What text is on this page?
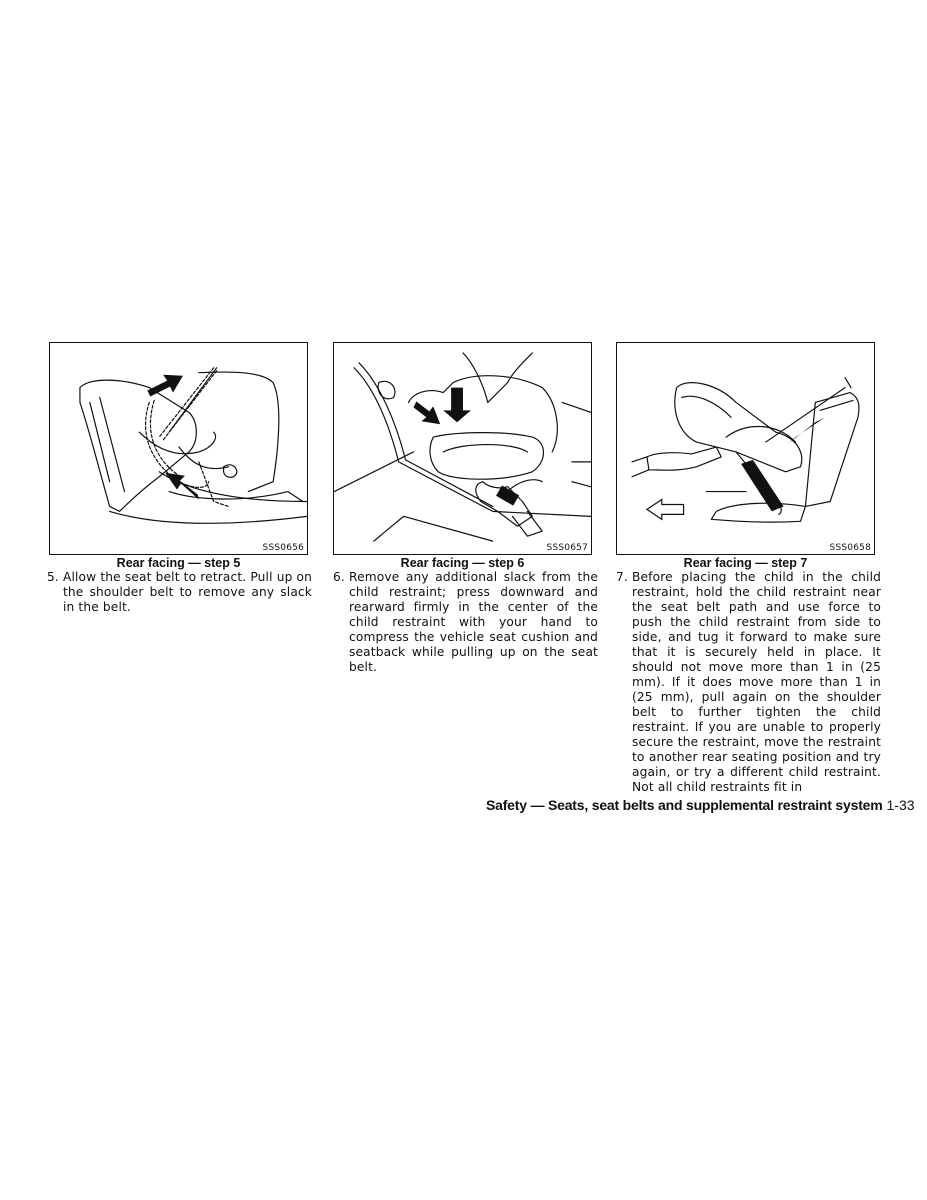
SSS0656
Rear facing — step 5
SSS0657
Rear facing — step 6
SSS0658
Rear facing — step 7
5. Allow the seat belt to retract. Pull up on the shoulder belt to remove any slack in the belt.
6. Remove any additional slack from the child restraint; press downward and rearward firmly in the center of the child restraint with your hand to compress the vehicle seat cushion and seatback while pulling up on the seat belt.
7. Before placing the child in the child restraint, hold the child restraint near the seat belt path and use force to push the child restraint from side to side, and tug it forward to make sure that it is securely held in place. It should not move more than 1 in (25 mm). If it does move more than 1 in (25 mm), pull again on the shoulder belt to further tighten the child restraint. If you are unable to properly secure the restraint, move the restraint to another rear seating position and try again, or try a different child restraint. Not all child restraints fit in
Safety — Seats, seat belts and supplemental restraint system 1-33
